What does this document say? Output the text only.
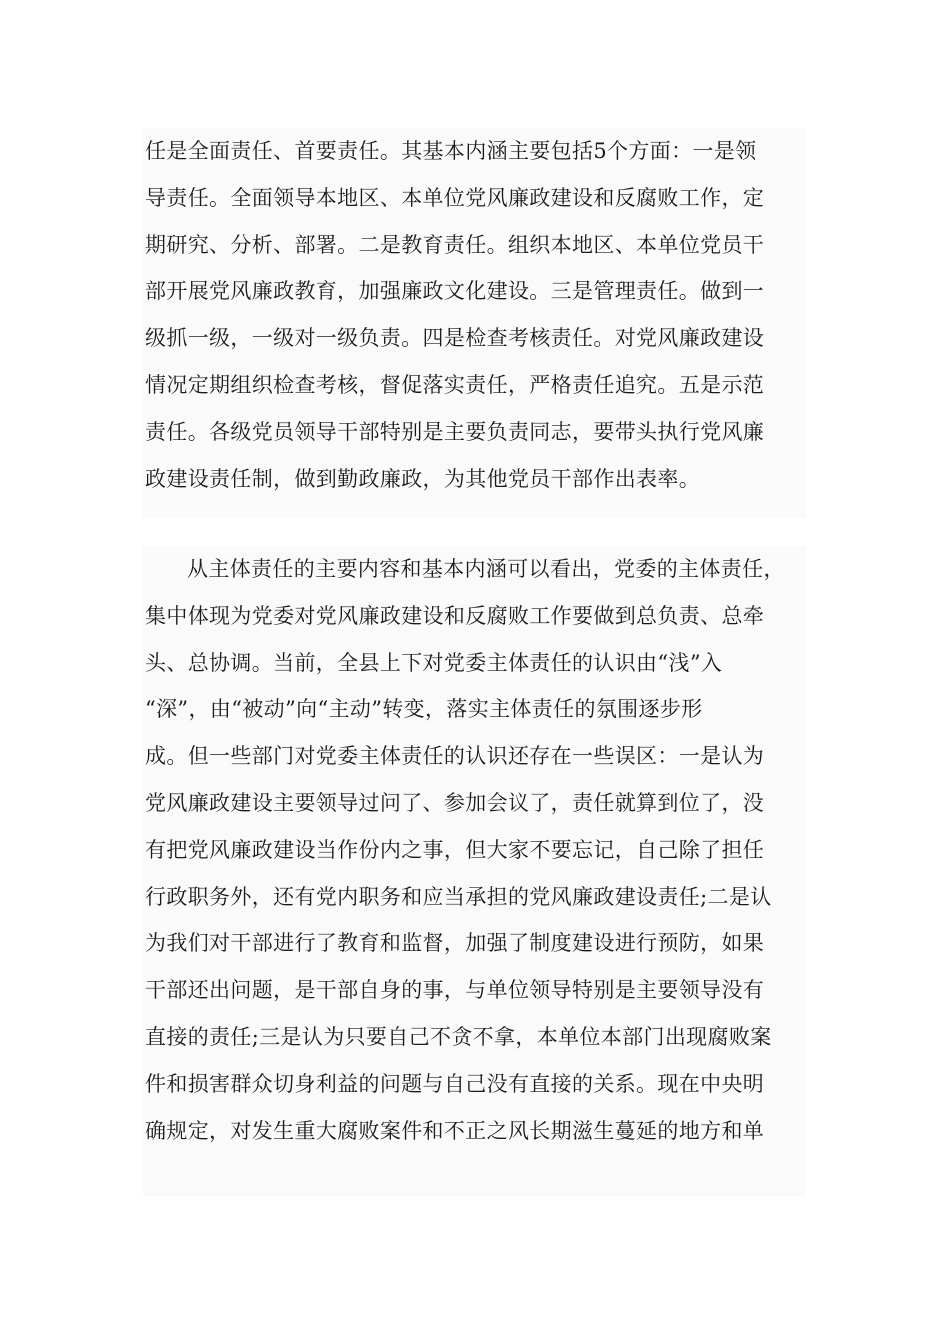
任是全面责任、首要责任。其基本内涵主要包括5个方面：一是领
导责任。全面领导本地区、本单位党风廉政建设和反腐败工作，定
期研究、分析、部署。二是教育责任。组织本地区、本单位党员干
部开展党风廉政教育，加强廉政文化建设。三是管理责任。做到一
级抓一级，一级对一级负责。四是检查考核责任。对党风廉政建设
情况定期组织检查考核，督促落实责任，严格责任追究。五是示范
责任。各级党员领导干部特别是主要负责同志，要带头执行党风廉
政建设责任制，做到勤政廉政，为其他党员干部作出表率。
从主体责任的主要内容和基本内涵可以看出，党委的主体责任，
集中体现为党委对党风廉政建设和反腐败工作要做到总负责、总牵
头、总协调。当前，全县上下对党委主体责任的认识由“浅”入
“深”，由“被动”向“主动”转变，落实主体责任的氛围逐步形
成。但一些部门对党委主体责任的认识还存在一些误区：一是认为
党风廉政建设主要领导过问了、参加会议了，责任就算到位了，没
有把党风廉政建设当作份内之事，但大家不要忘记，自己除了担任
行政职务外，还有党内职务和应当承担的党风廉政建设责任;二是认
为我们对干部进行了教育和监督，加强了制度建设进行预防，如果
干部还出问题，是干部自身的事，与单位领导特别是主要领导没有
直接的责任;三是认为只要自己不贪不拿，本单位本部门出现腐败案
件和损害群众切身利益的问题与自己没有直接的关系。现在中央明
确规定，对发生重大腐败案件和不正之风长期滋生蔓延的地方和单
